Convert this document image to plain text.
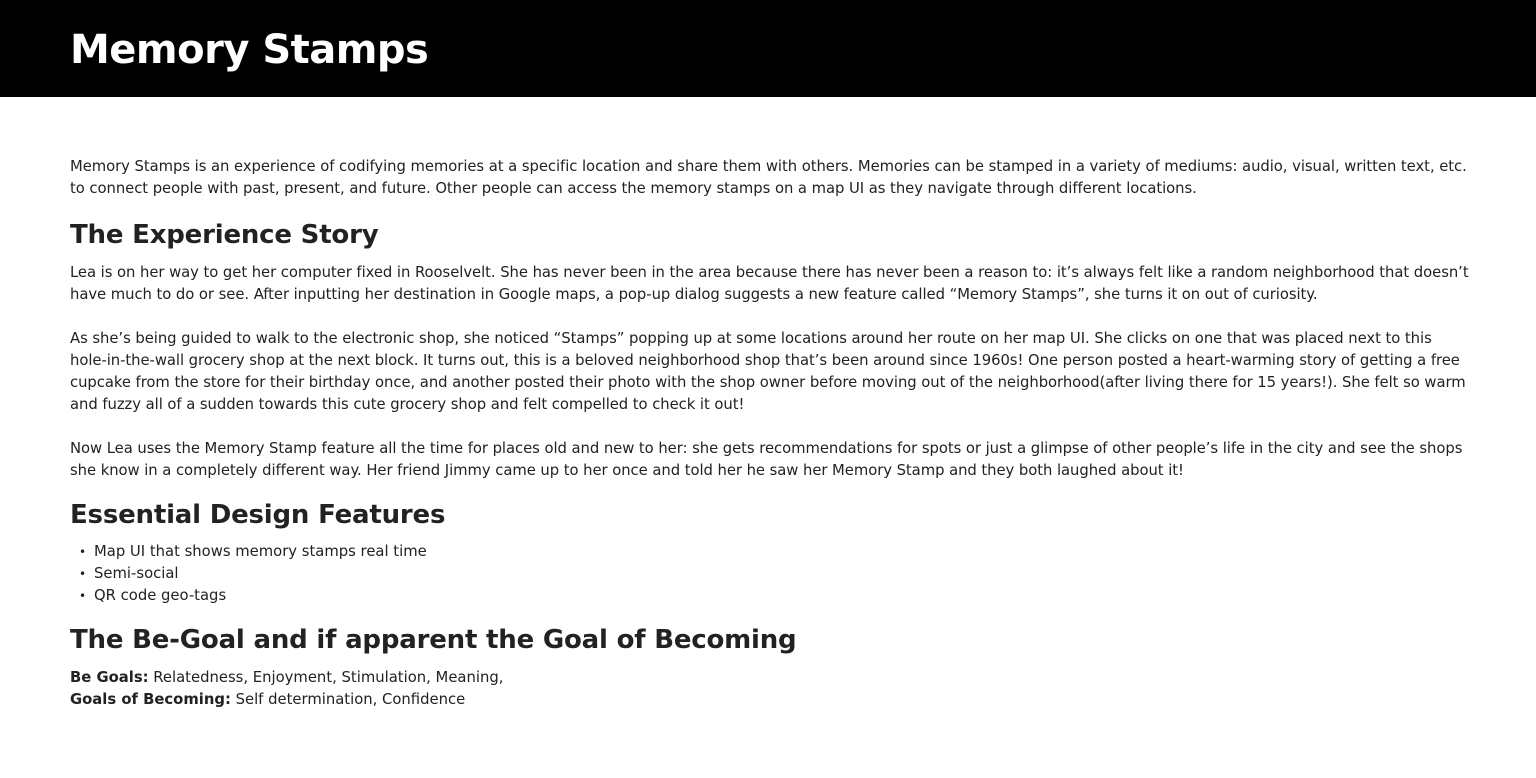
Memory Stamps

Memory Stamps is an experience of codifying memories at a specific location and share them with others. Memories can be stamped in a variety of mediums: audio, visual, written text, etc. to connect people with past, present, and future. Other people can access the memory stamps on a map UI as they navigate through different locations.

The Experience Story

Lea is on her way to get her computer fixed in Rooselvelt. She has never been in the area because there has never been a reason to: it’s always felt like a random neighborhood that doesn’t have much to do or see. After inputting her destination in Google maps, a pop-up dialog suggests a new feature called “Memory Stamps”, she turns it on out of curiosity.

As she’s being guided to walk to the electronic shop, she noticed “Stamps” popping up at some locations around her route on her map UI. She clicks on one that was placed next to this hole-in-the-wall grocery shop at the next block. It turns out, this is a beloved neighborhood shop that’s been around since 1960s! One person posted a heart-warming story of getting a free cupcake from the store for their birthday once, and another posted their photo with the shop owner before moving out of the neighborhood(after living there for 15 years!). She felt so warm and fuzzy all of a sudden towards this cute grocery shop and felt compelled to check it out!

Now Lea uses the Memory Stamp feature all the time for places old and new to her: she gets recommendations for spots or just a glimpse of other people’s life in the city and see the shops she know in a completely different way. Her friend Jimmy came up to her once and told her he saw her Memory Stamp and they both laughed about it!

Essential Design Features
• Map UI that shows memory stamps real time
• Semi-social
• QR code geo-tags
The Be-Goal and if apparent the Goal of Becoming
Be Goals: Relatedness, Enjoyment, Stimulation, Meaning,
Goals of Becoming: Self determination, Confidence
